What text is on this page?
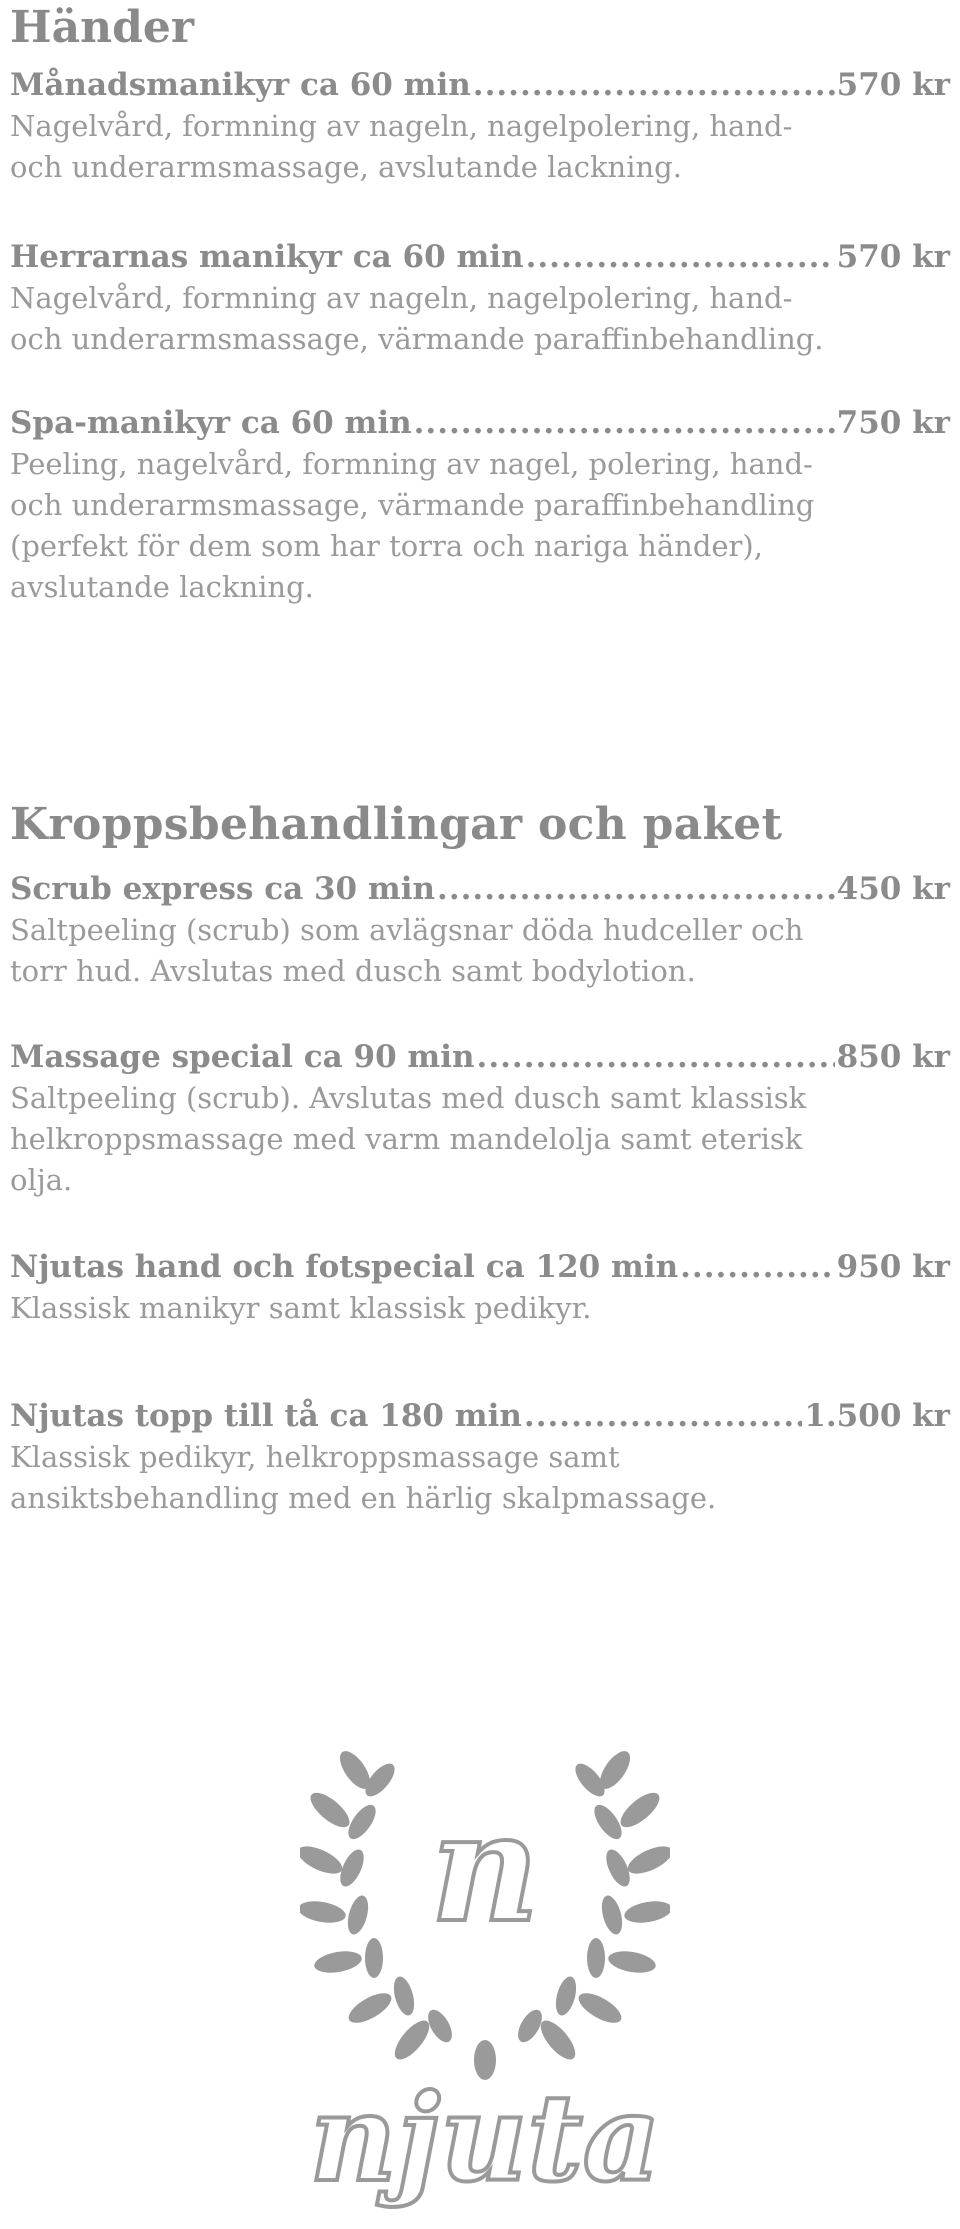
Händer
Månadsmanikyr ca 60 min .....	570 kr

Nagelvård, formning av nageln, nagelpolering, hand-
och underarmsmassage, avslutande lackning.

Herrarnas manikyr ca 60 min .....	570 kr

Nagelvård, formning av nageln, nagelpolering, hand-
och underarmsmassage, värmande paraffinbehandling.

Spa-manikyr ca 60 min .....	750 kr

Peeling, nagelvård, formning av nagel, polering, hand-
och underarmsmassage, värmande paraffinbehandling
(perfekt för dem som har torra och nariga händer),
avslutande lackning.

Kroppsbehandlingar och paket
Scrub express ca 30 min .....	450 kr

Saltpeeling (scrub) som avlägsnar döda hudceller och
torr hud. Avslutas med dusch samt bodylotion.

Massage special ca 90 min .....	850 kr

Saltpeeling (scrub). Avslutas med dusch samt klassisk
helkroppsmassage med varm mandelolja samt eterisk
olja.

Njutas hand och fotspecial ca 120 min .....	950 kr

Klassisk manikyr samt klassisk pedikyr.

Njutas topp till tå ca 180 min .....	1.500 kr

Klassisk pedikyr, helkroppsmassage samt
ansiktsbehandling med en härlig skalpmassage.

n
njuta
